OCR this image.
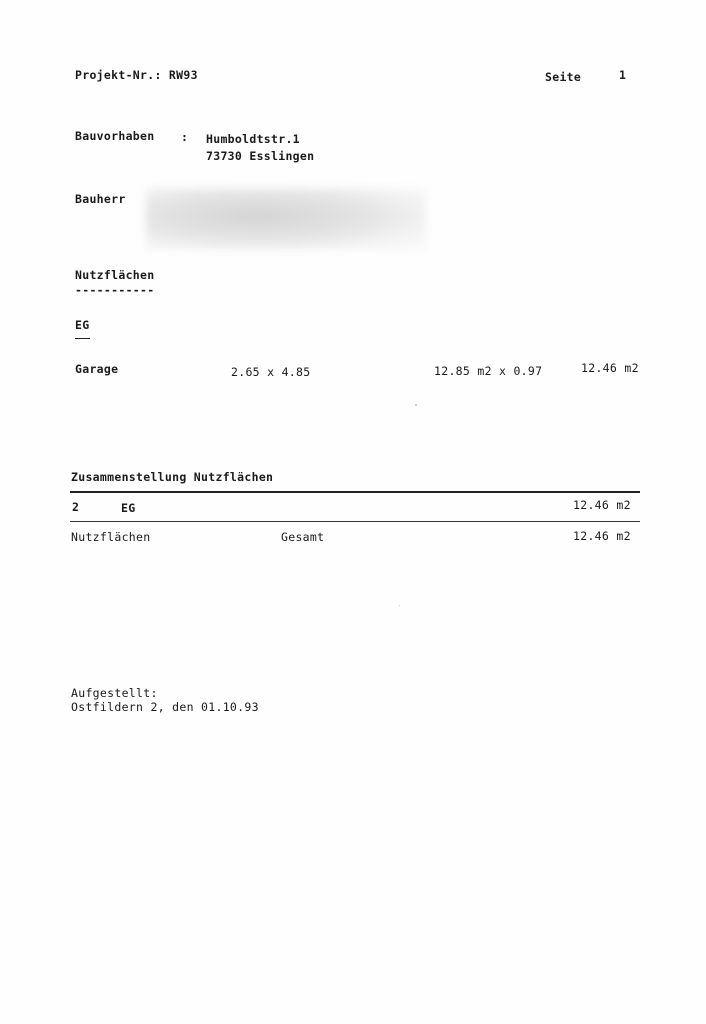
Projekt-Nr.: RW93	Seite	1
Bauvorhaben : Humboldtstr.1
73730 Esslingen
Bauherr
Nutzflächen
-----------
EG
Garage	2.65 x 4.85	12.85 m2 x 0.97	12.46 m2
Zusammenstellung Nutzflächen
2	EG	12.46 m2
Nutzflächen	Gesamt	12.46 m2
Aufgestellt:
Ostfildern 2, den 01.10.93
